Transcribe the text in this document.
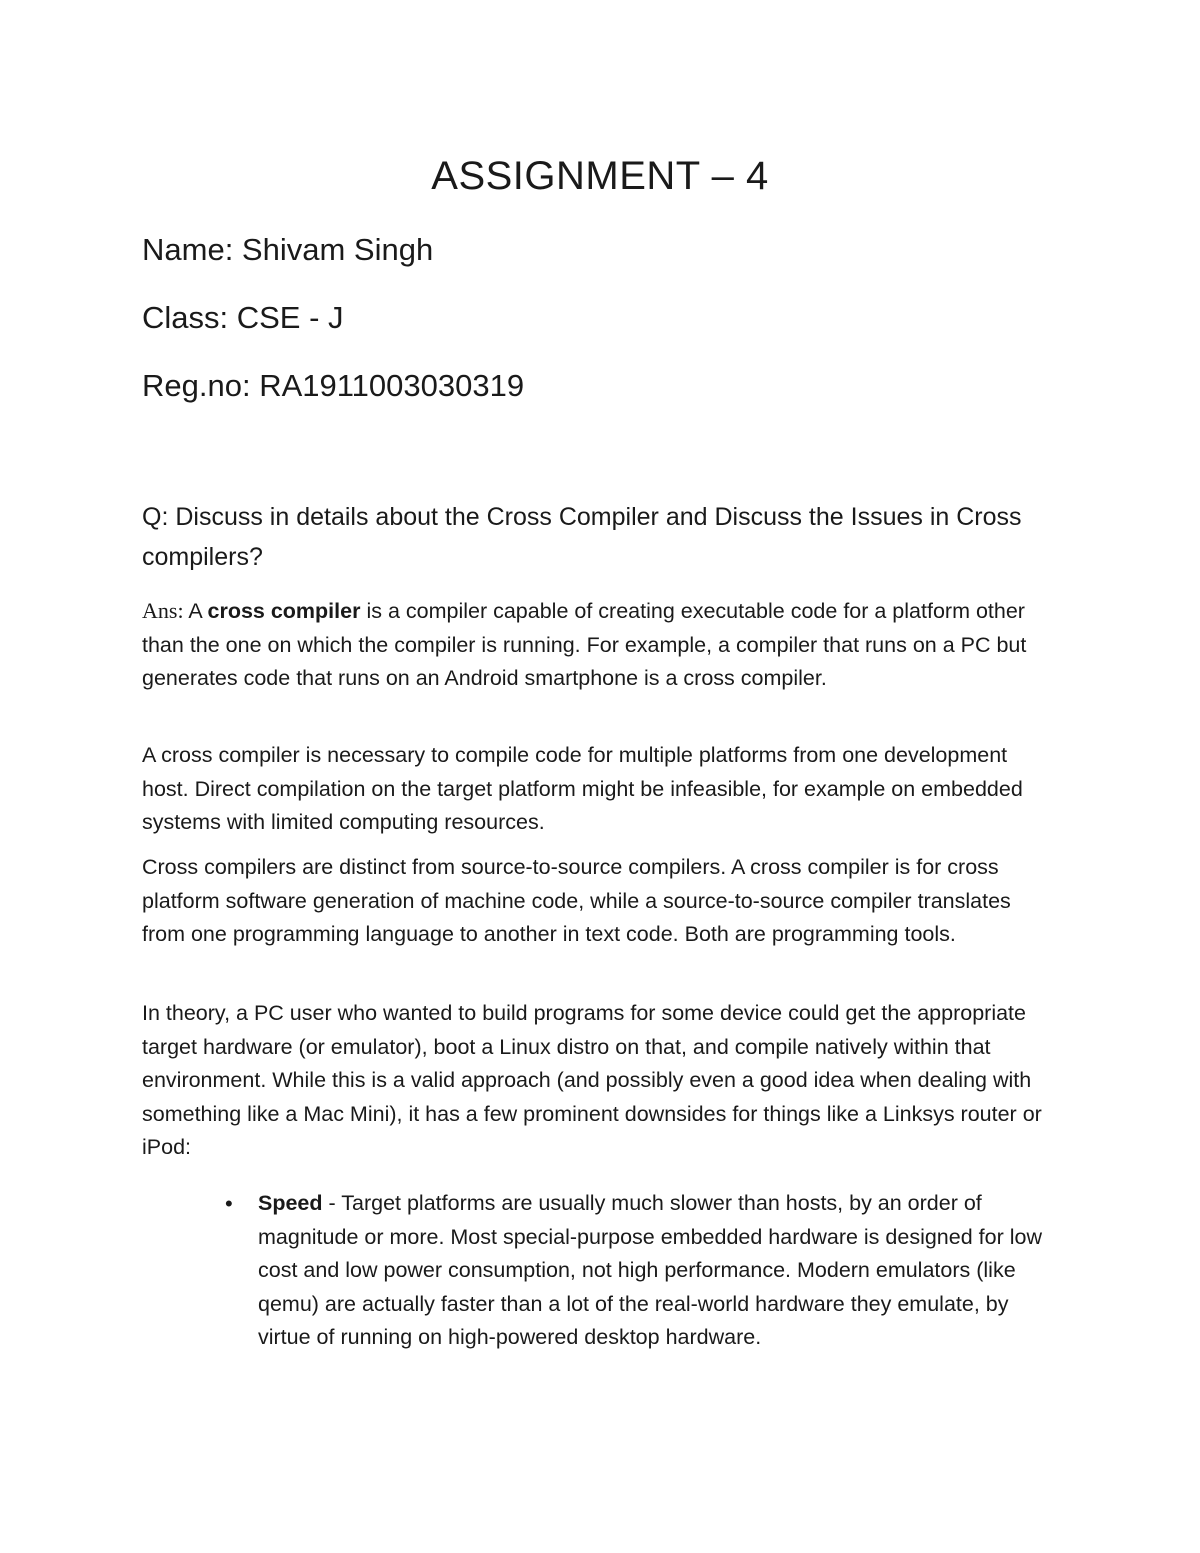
ASSIGNMENT – 4

Name: Shivam Singh

Class: CSE - J

Reg.no: RA1911003030319

Q: Discuss in details about the Cross Compiler and Discuss the Issues in Cross compilers?

Ans: A cross compiler is a compiler capable of creating executable code for a platform other than the one on which the compiler is running. For example, a compiler that runs on a PC but generates code that runs on an Android smartphone is a cross compiler.

A cross compiler is necessary to compile code for multiple platforms from one development host. Direct compilation on the target platform might be infeasible, for example on embedded systems with limited computing resources.

Cross compilers are distinct from source-to-source compilers. A cross compiler is for cross platform software generation of machine code, while a source-to-source compiler translates from one programming language to another in text code. Both are programming tools.

In theory, a PC user who wanted to build programs for some device could get the appropriate target hardware (or emulator), boot a Linux distro on that, and compile natively within that environment. While this is a valid approach (and possibly even a good idea when dealing with something like a Mac Mini), it has a few prominent downsides for things like a Linksys router or iPod:

• Speed - Target platforms are usually much slower than hosts, by an order of magnitude or more. Most special-purpose embedded hardware is designed for low cost and low power consumption, not high performance. Modern emulators (like qemu) are actually faster than a lot of the real-world hardware they emulate, by virtue of running on high-powered desktop hardware.
